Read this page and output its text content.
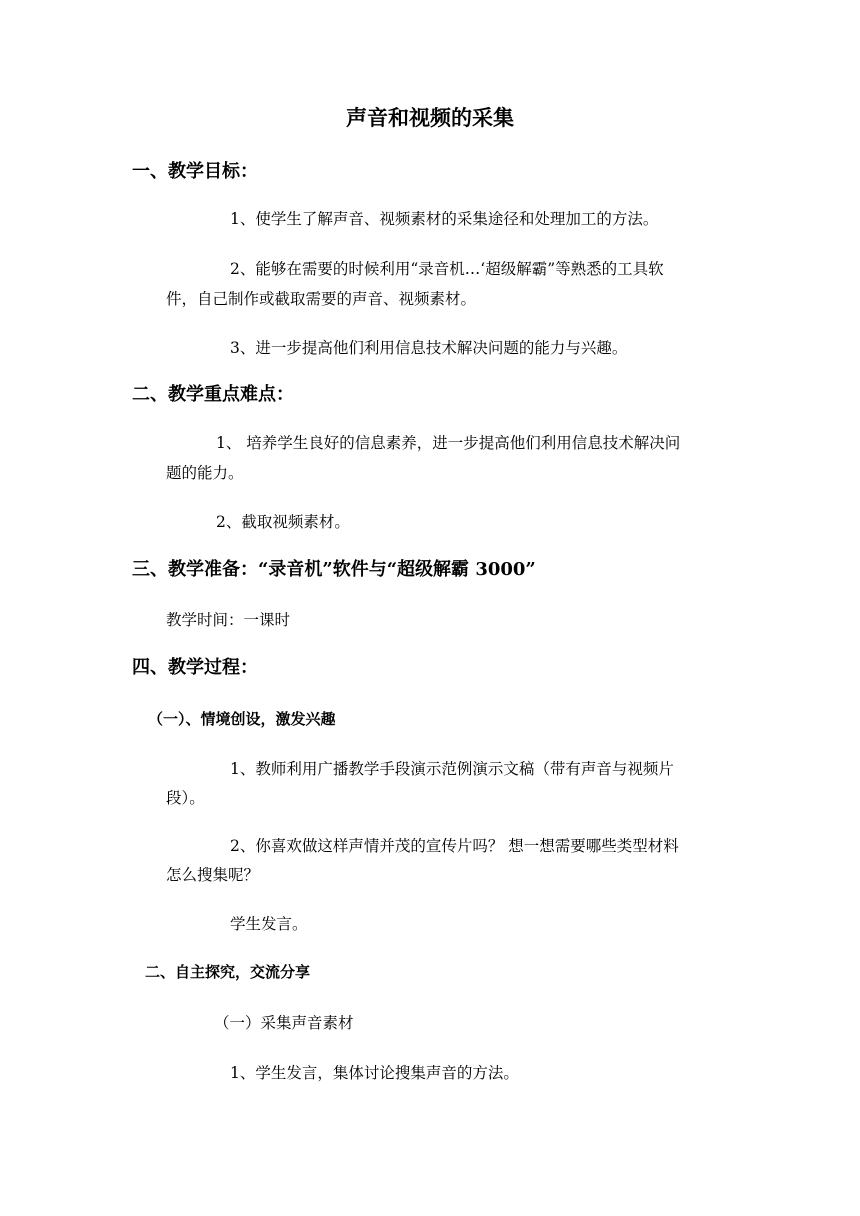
声音和视频的采集
一、教学目标：
1、使学生了解声音、视频素材的采集途径和处理加工的方法。
2、能够在需要的时候利用“录音机…‘超级解霸”等熟悉的工具软
件，自己制作或截取需要的声音、视频素材。
3、进一步提高他们利用信息技术解决问题的能力与兴趣。
二、教学重点难点：
1、 培养学生良好的信息素养，进一步提高他们利用信息技术解决问
题的能力。
2、截取视频素材。
三、教学准备：“录音机”软件与“超级解霸 3000”
教学时间：一课时
四、教学过程：
（一）、情境创设，激发兴趣
1、教师利用广播教学手段演示范例演示文稿（带有声音与视频片
段）。
2、你喜欢做这样声情并茂的宣传片吗？ 想一想需要哪些类型材料
怎么搜集呢？
学生发言。
二、自主探究，交流分享
（一）采集声音素材
1、学生发言，集体讨论搜集声音的方法。
